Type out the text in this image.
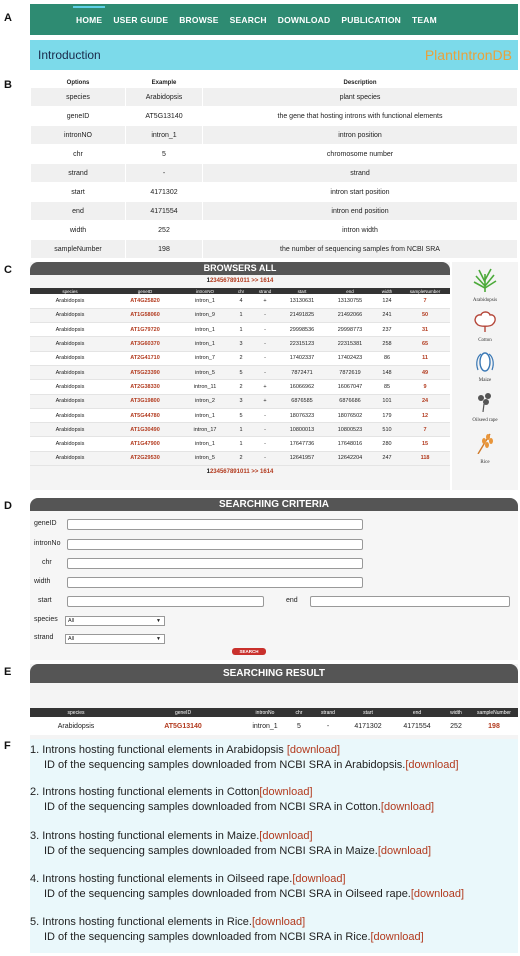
A
B
C
D
E
F
HOME USER GUIDE BROWSE SEARCH DOWNLOAD PUBLICATION TEAM
Introduction	PlantIntronDB
Options	Example	Description
species	Arabidopsis	plant species
geneID	AT5G13140	the gene that hosting introns with functional elements
intronNO	intron_1	intron position
chr	5	chromosome number
strand	-	strand
start	4171302	intron start position
end	4171554	intron end position
width	252	intron width
sampleNumber	198	the number of sequencing samples from NCBI SRA
BROWSERS ALL
1234567891011 >> 1614
species	geneID	intronNO	chr	strand	start	end	width	sampleNumber
Arabidopsis	AT4G25820	intron_1	4	+	13130631	13130755	124	7
Arabidopsis	AT1G58060	intron_9	1	-	21491825	21492066	241	50
Arabidopsis	AT1G79720	intron_1	1	-	29998536	29998773	237	31
Arabidopsis	AT3G60370	intron_1	3	-	22315123	22315381	258	65
Arabidopsis	AT2G41710	intron_7	2	-	17402337	17402423	86	11
Arabidopsis	AT5G23390	intron_5	5	-	7872471	7872619	148	49
Arabidopsis	AT2G38330	intron_11	2	+	16066962	16067047	85	9
Arabidopsis	AT3G19800	intron_2	3	+	6876585	6876686	101	24
Arabidopsis	AT5G44780	intron_1	5	-	18076323	18076502	179	12
Arabidopsis	AT1G30490	intron_17	1	-	10800013	10800523	510	7
Arabidopsis	AT1G47900	intron_1	1	-	17647736	17648016	280	15
Arabidopsis	AT2G29530	intron_5	2	-	12641957	12642204	247	118
1234567891011 >> 1614
Arabidopsis
Cotton
Maize
Oilseed rape
Rice
SEARCHING CRITERIA
geneID
intronNo
chr
width
start	end
species	All	▼
strand	All	▼
SEARCH
SEARCHING RESULT
species	geneID	intronNo	chr	strand	start	end	width	sampleNumber
Arabidopsis	AT5G13140	intron_1	5	-	4171302	4171554	252	198
1. Introns hosting functional elements in Arabidopsis [download]
ID of the sequencing samples downloaded from NCBI SRA in Arabidopsis.[download]
2. Introns hosting functional elements in Cotton[download]
ID of the sequencing samples downloaded from NCBI SRA in Cotton.[download]
3. Introns hosting functional elements in Maize.[download]
ID of the sequencing samples downloaded from NCBI SRA in Maize.[download]
4. Introns hosting functional elements in Oilseed rape.[download]
ID of the sequencing samples downloaded from NCBI SRA in Oilseed rape.[download]
5. Introns hosting functional elements in Rice.[download]
ID of the sequencing samples downloaded from NCBI SRA in Rice.[download]
